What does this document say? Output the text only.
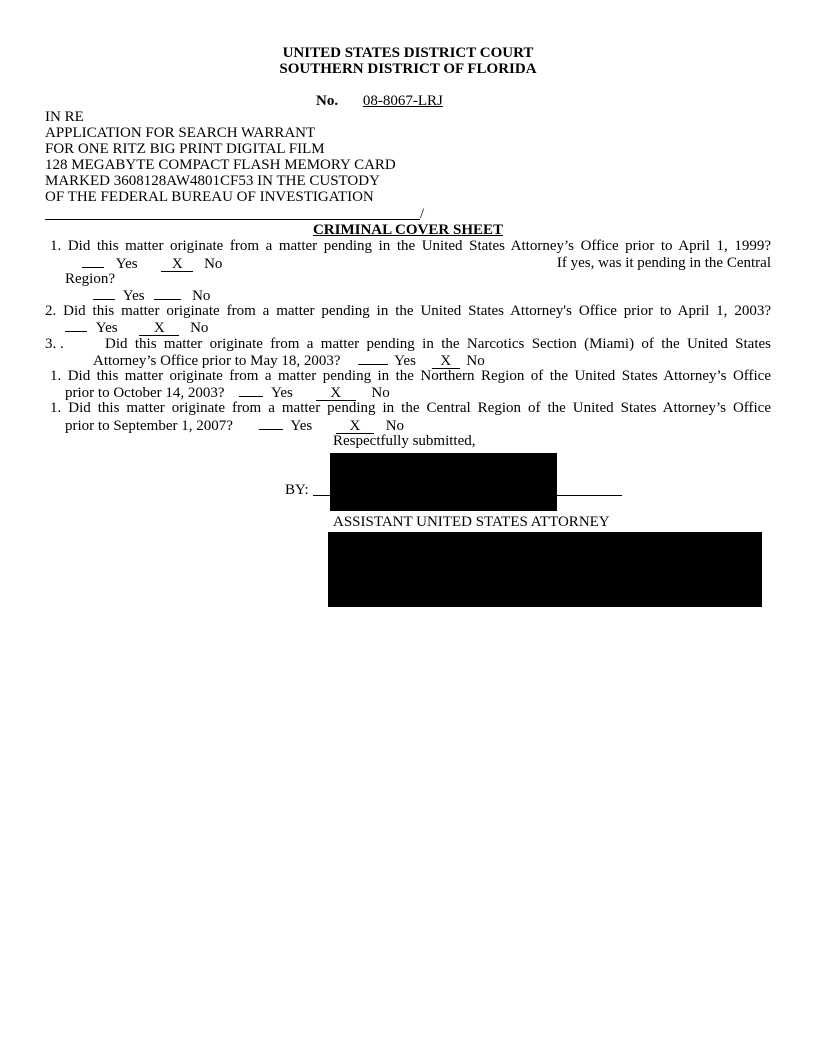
UNITED STATES DISTRICT COURT
SOUTHERN DISTRICT OF FLORIDA
No. 08-8067-LRJ
IN RE
APPLICATION FOR SEARCH WARRANT
FOR ONE RITZ BIG PRINT DIGITAL FILM
128 MEGABYTE COMPACT FLASH MEMORY CARD
MARKED 3608128AW4801CF53 IN THE CUSTODY
OF THE FEDERAL BUREAU OF INVESTIGATION
/
CRIMINAL COVER SHEET
1. Did this matter originate from a matter pending in the United States Attorney’s Office prior to April 1, 1999?
Yes X No	If yes, was it pending in the Central
Region?
Yes	No
2. Did this matter originate from a matter pending in the United States Attorney's Office prior to April 1, 2003?
Yes X No
3. .	Did this matter originate from a matter pending in the Narcotics Section (Miami) of the United States
Attorney’s Office prior to May 18, 2003?	Yes X No
1. Did this matter originate from a matter pending in the Northern Region of the United States Attorney’s Office
prior to October 14, 2003?	Yes X No
1. Did this matter originate from a matter pending in the Central Region of the United States Attorney’s Office
prior to September 1, 2007?	Yes X No
Respectfully submitted,
BY:
ASSISTANT UNITED STATES ATTORNEY
